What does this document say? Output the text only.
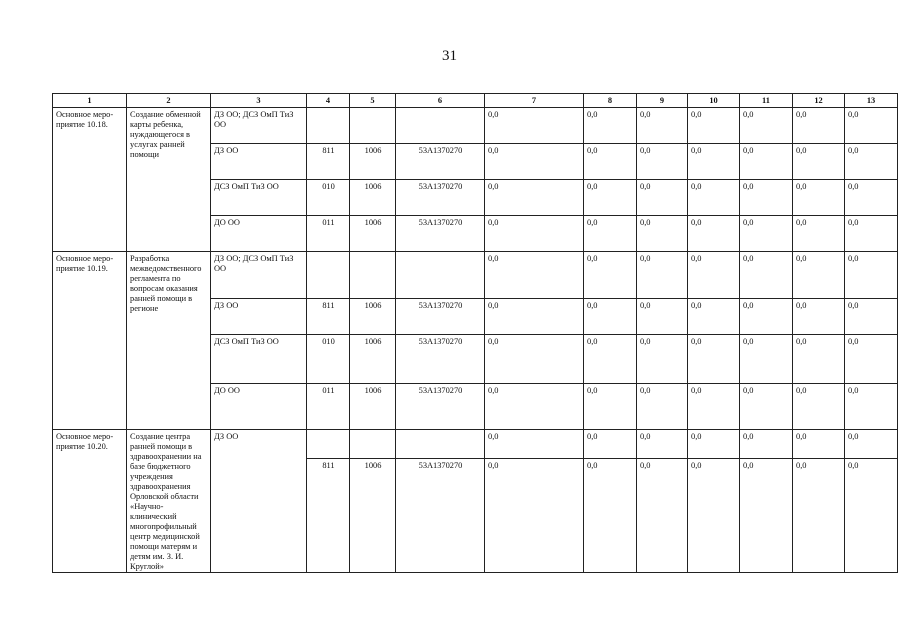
31
1	2	3	4	5	6	7	8	9	10	11	12	13
Основное меро-приятие 10.18.	Создание обменной карты ребенка, нуждающегося в услугах ранней помощи	ДЗ ОО; ДСЗ ОмП ТиЗ ОО				0,0	0,0	0,0	0,0	0,0	0,0	0,0
		ДЗ ОО	811	1006	53А1370270	0,0	0,0	0,0	0,0	0,0	0,0	0,0
		ДСЗ ОмП ТиЗ ОО	010	1006	53А1370270	0,0	0,0	0,0	0,0	0,0	0,0	0,0
		ДО ОО	011	1006	53А1370270	0,0	0,0	0,0	0,0	0,0	0,0	0,0
Основное меро-приятие 10.19.	Разработка межведомственного регламента по вопросам оказания ранней помощи в регионе	ДЗ ОО; ДСЗ ОмП ТиЗ ОО				0,0	0,0	0,0	0,0	0,0	0,0	0,0
		ДЗ ОО	811	1006	53А1370270	0,0	0,0	0,0	0,0	0,0	0,0	0,0
		ДСЗ ОмП ТиЗ ОО	010	1006	53А1370270	0,0	0,0	0,0	0,0	0,0	0,0	0,0
		ДО ОО	011	1006	53А1370270	0,0	0,0	0,0	0,0	0,0	0,0	0,0
Основное меро-приятие 10.20.	Создание центра ранней помощи в здравоохранении на базе бюджетного учреждения здравоохранения Орловской области «Научно-клинический многопрофильный центр медицинской помощи матерям и детям им. З. И. Круглой»	ДЗ ОО				0,0	0,0	0,0	0,0	0,0	0,0	0,0
			811	1006	53А1370270	0,0	0,0	0,0	0,0	0,0	0,0	0,0
